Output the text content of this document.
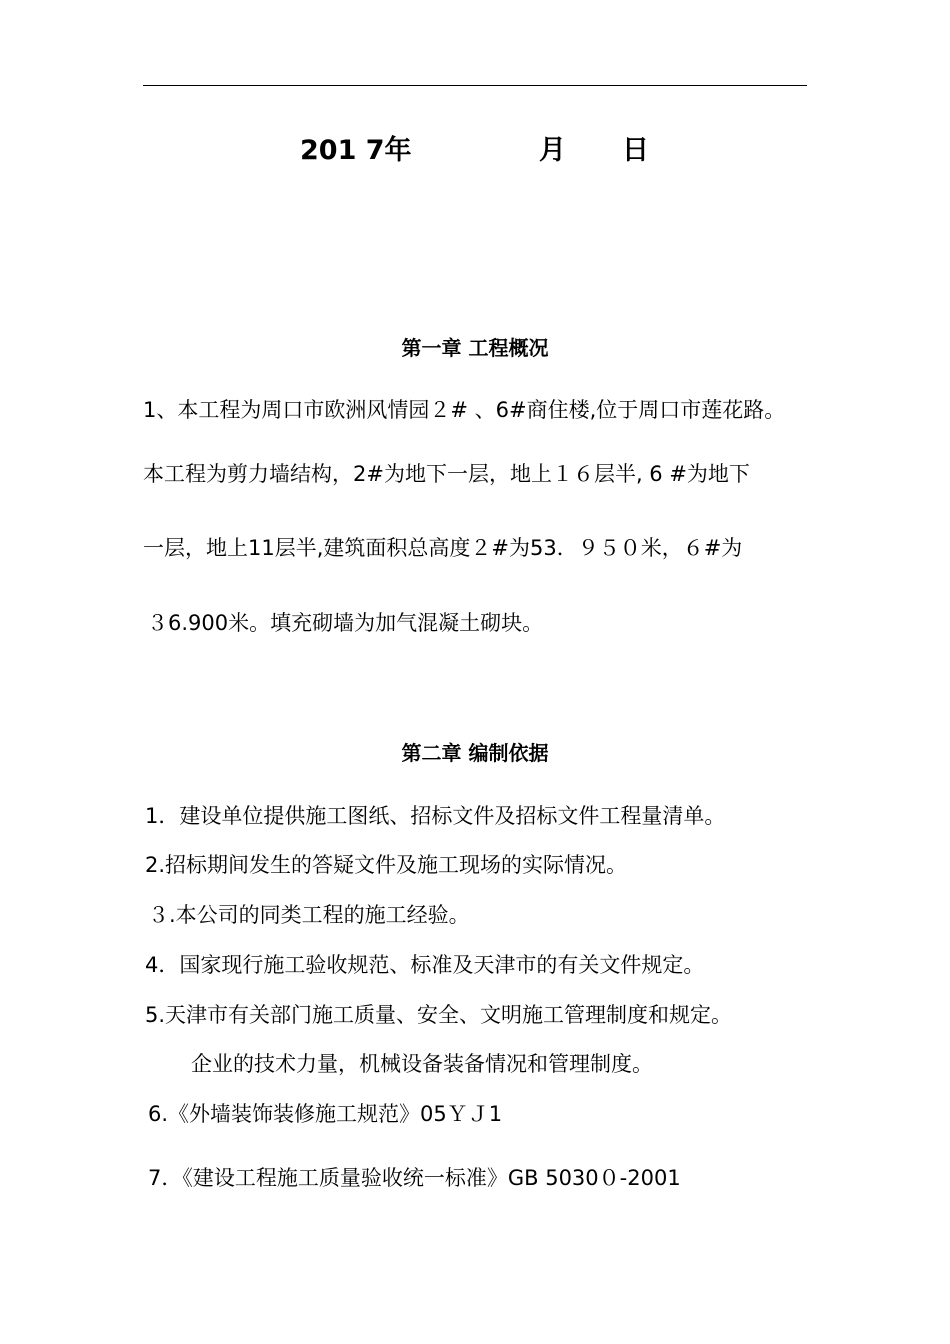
201 7年	月 日
第一章 工程概况
1、本工程为周口市欧洲风情园２# 、6#商住楼,位于周口市莲花路。
本工程为剪力墙结构，2#为地下一层，地上１６层半, 6 #为地下
一层，地上11层半,建筑面积总高度２#为53．９５０米，６#为
３6.900米。填充砌墙为加气混凝土砌块。
第二章 编制依据
1．建设单位提供施工图纸、招标文件及招标文件工程量清单。
2.招标期间发生的答疑文件及施工现场的实际情况。
３.本公司的同类工程的施工经验。
4．国家现行施工验收规范、标准及天津市的有关文件规定。
5.天津市有关部门施工质量、安全、文明施工管理制度和规定。
企业的技术力量，机械设备装备情况和管理制度。
6.《外墙装饰装修施工规范》05ＹＪ1
7．《建设工程施工质量验收统一标准》GB 5030０-2001
